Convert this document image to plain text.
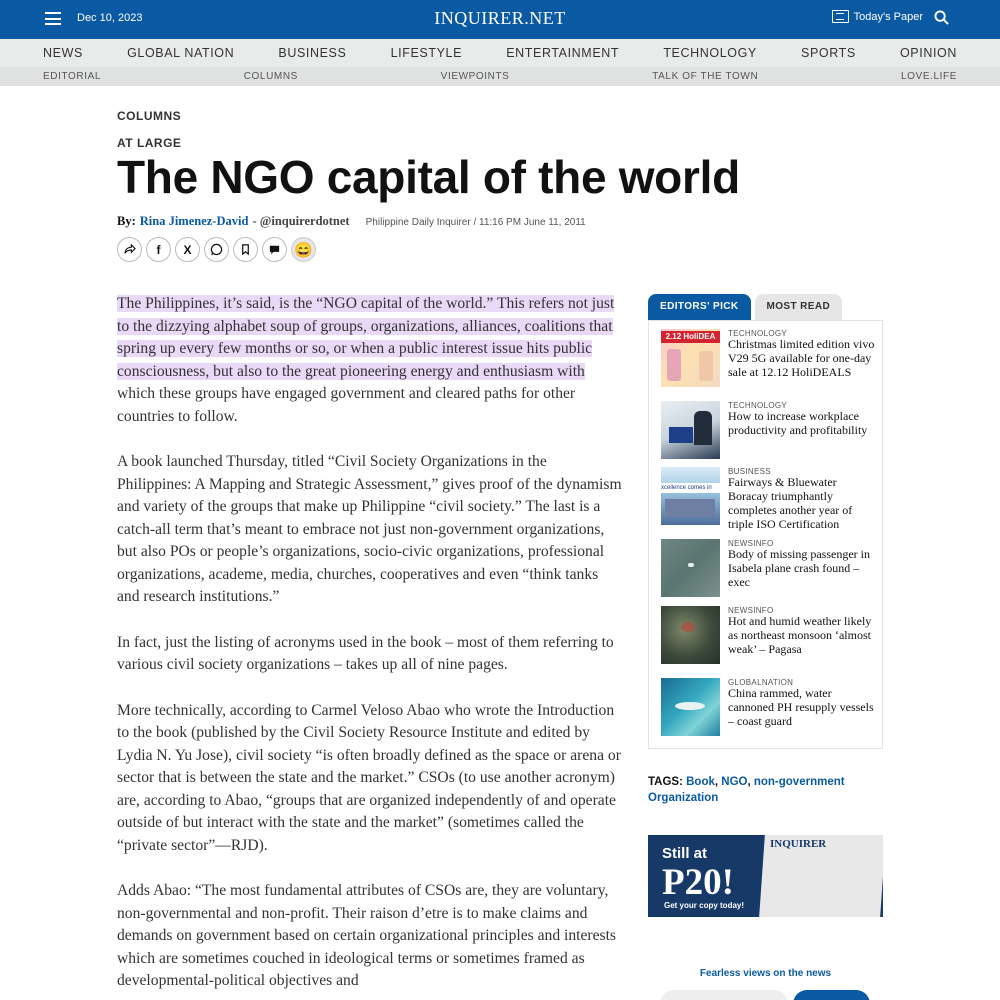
Dec 10, 2023	INQUIRER.NET	Today's Paper
NEWS	GLOBAL NATION	BUSINESS	LIFESTYLE	ENTERTAINMENT	TECHNOLOGY	SPORTS	OPINION
EDITORIAL	COLUMNS	VIEWPOINTS	TALK OF THE TOWN	LOVE.LIFE
COLUMNS
AT LARGE
The NGO capital of the world
By: Rina Jimenez-David - @inquirerdotnet Philippine Daily Inquirer / 11:16 PM June 11, 2011
f	X	😄

The Philippines, it’s said, is the “NGO capital of the world.” This refers not just to the dizzying alphabet soup of groups, organizations, alliances, coalitions that spring up every few months or so, or when a public interest issue hits public consciousness, but also to the great pioneering energy and enthusiasm with which these groups have engaged government and cleared paths for other countries to follow.

A book launched Thursday, titled “Civil Society Organizations in the Philippines: A Mapping and Strategic Assessment,” gives proof of the dynamism and variety of the groups that make up Philippine “civil society.” The last is a catch-all term that’s meant to embrace not just non-government organizations, but also POs or people’s organizations, socio-civic organizations, professional organizations, academe, media, churches, cooperatives and even “think tanks and research institutions.”

In fact, just the listing of acronyms used in the book – most of them referring to various civil society organizations – takes up all of nine pages.

More technically, according to Carmel Veloso Abao who wrote the Introduction to the book (published by the Civil Society Resource Institute and edited by Lydia N. Yu Jose), civil society “is often broadly defined as the space or arena or sector that is between the state and the market.” CSOs (to use another acronym) are, according to Abao, “groups that are organized independently of and operate outside of but interact with the state and the market” (sometimes called the “private sector”—RJD).

Adds Abao: “The most fundamental attributes of CSOs are, they are voluntary, non-governmental and non-profit. Their raison d’etre is to make claims and demands on government based on certain organizational principles and interests which are sometimes couched in ideological terms or sometimes framed as developmental-political objectives and

EDITORS' PICK	MOST READ
2.12 HoliDEA	TECHNOLOGY
Christmas limited edition vivo V29 5G available for one-day sale at 12.12 HoliDEALS
TECHNOLOGY
How to increase workplace productivity and profitability
xcellence comes in
BUSINESS
Fairways & Bluewater Boracay triumphantly completes another year of triple ISO Certification
NEWSINFO
Body of missing passenger in Isabela plane crash found – exec
NEWSINFO
Hot and humid weather likely as northeast monsoon ‘almost weak’ – Pagasa
GLOBALNATION
China rammed, water cannoned PH resupply vessels – coast guard
TAGS: Book, NGO, non-government Organization
Still at
P20!
Get your copy today!
INQUIRER
Fearless views on the news
